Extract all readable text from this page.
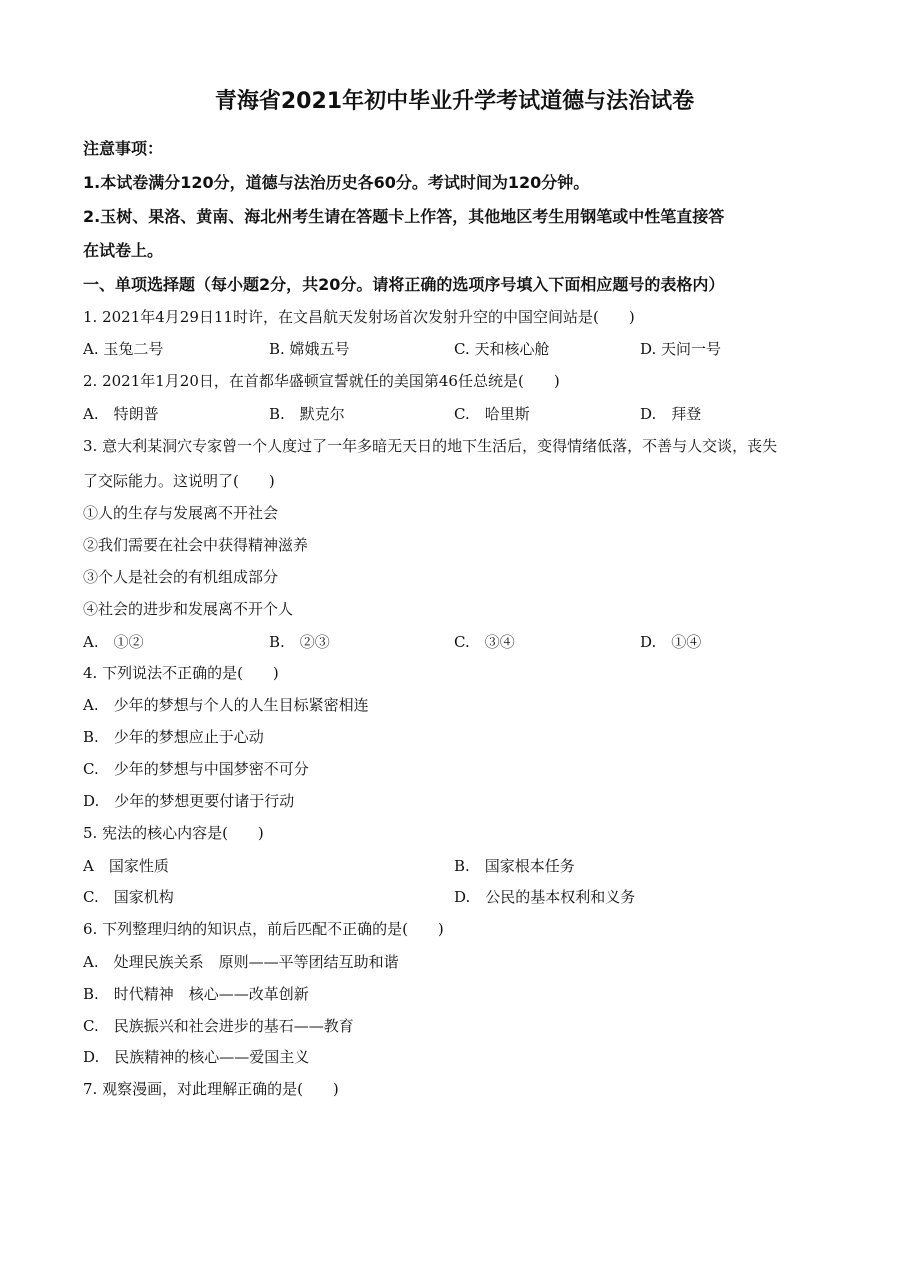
青海省2021年初中毕业升学考试道德与法治试卷
注意事项：
1.本试卷满分120分，道德与法治历史各60分。考试时间为120分钟。
2.玉树、果洛、黄南、海北州考生请在答题卡上作答，其他地区考生用钢笔或中性笔直接答
在试卷上。
一、单项选择题（每小题2分，共20分。请将正确的选项序号填入下面相应题号的表格内）
1. 2021年4月29日11时许，在文昌航天发射场首次发射升空的中国空间站是(　　)
A. 玉兔二号	B. 嫦娥五号	C. 天和核心舱	D. 天问一号
2. 2021年1月20日，在首都华盛顿宣誓就任的美国第46任总统是(　　)
A.　特朗普	B.　默克尔	C.　哈里斯	D.　拜登
3. 意大利某洞穴专家曾一个人度过了一年多暗无天日的地下生活后，变得情绪低落，不善与人交谈，丧失
了交际能力。这说明了(　　)
①人的生存与发展离不开社会
②我们需要在社会中获得精神滋养
③个人是社会的有机组成部分
④社会的进步和发展离不开个人
A.　①②	B.　②③	C.　③④	D.　①④
4. 下列说法不正确的是(　　)
A.　少年的梦想与个人的人生目标紧密相连
B.　少年的梦想应止于心动
C.　少年的梦想与中国梦密不可分
D.　少年的梦想更要付诸于行动
5. 宪法的核心内容是(　　)
A　国家性质	B.　国家根本任务
C.　国家机构	D.　公民的基本权利和义务
6. 下列整理归纳的知识点，前后匹配不正确的是(　　)
A.　处理民族关系　原则——平等团结互助和谐
B.　时代精神　核心——改革创新
C.　民族振兴和社会进步的基石——教育
D.　民族精神的核心——爱国主义
7. 观察漫画，对此理解正确的是(　　)
